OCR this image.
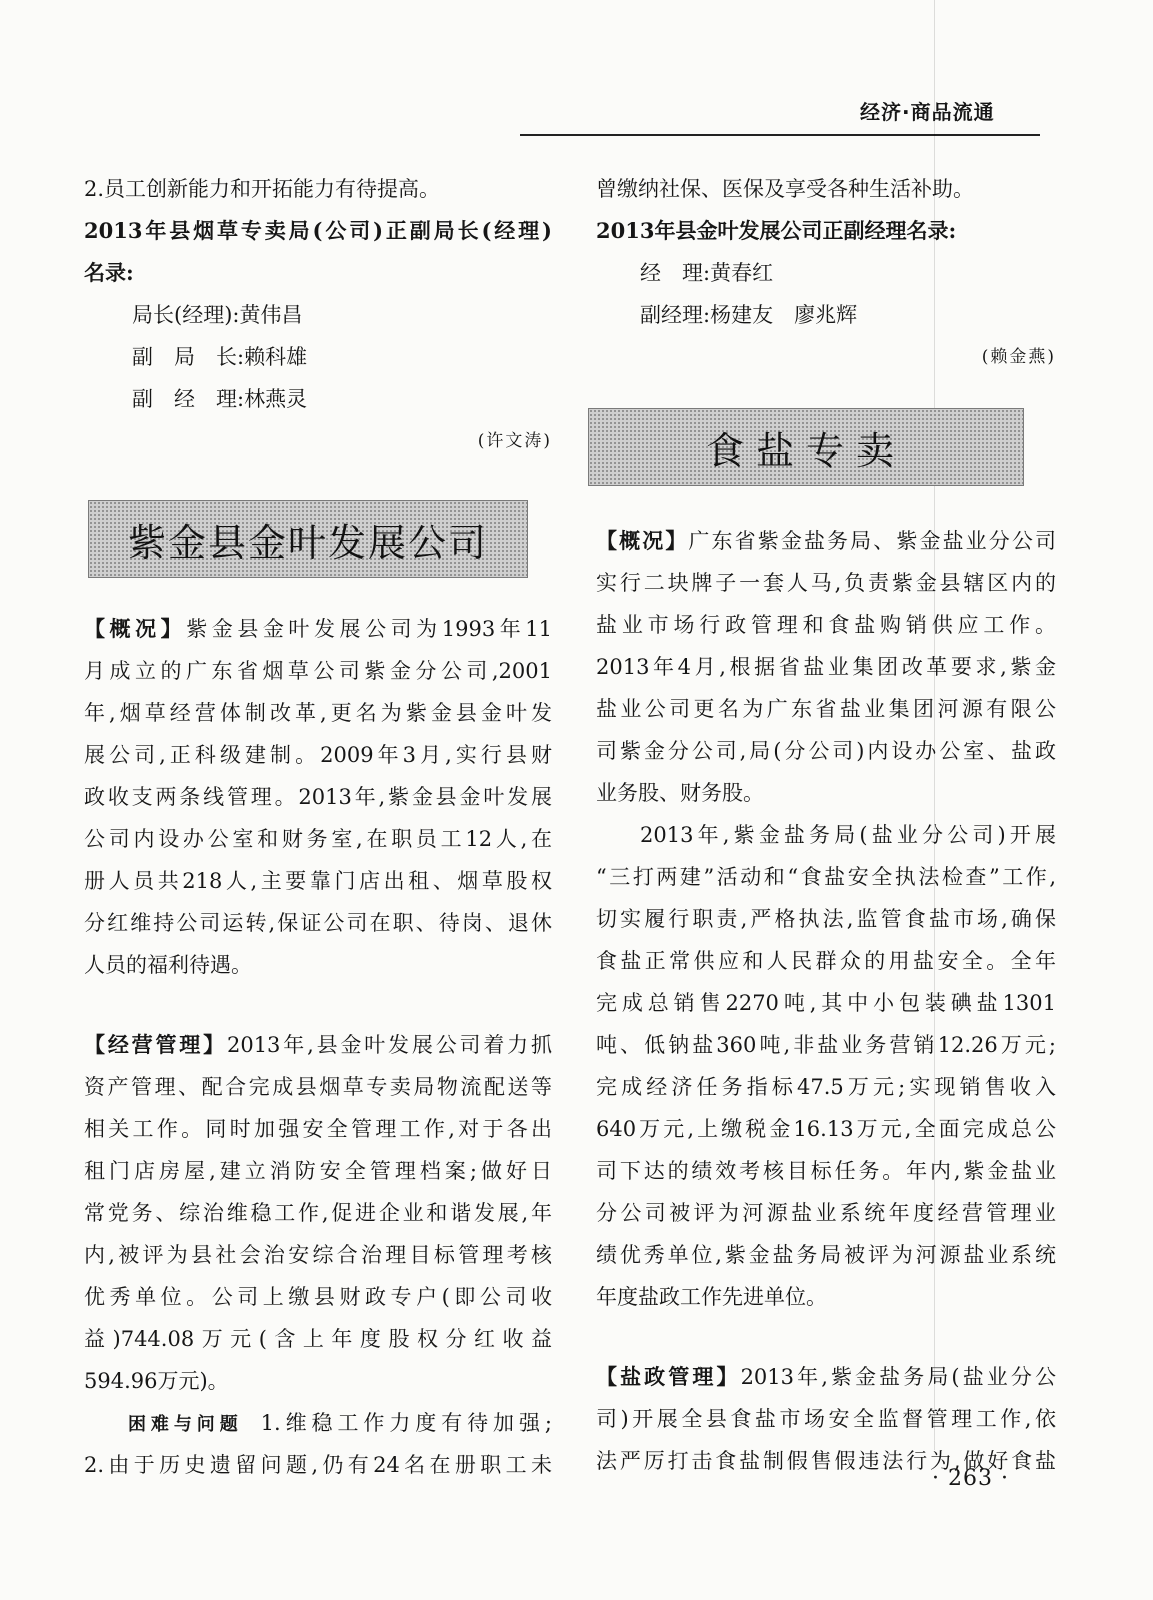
经济·商品流通
2.员工创新能力和开拓能力有待提高。
2013年县烟草专卖局(公司)正副局长(经理)
名录:
局长(经理):黄伟昌
副　局　长:赖科雄
副　经　理:林燕灵
(许文涛)
紫金县金叶发展公司
【概况】紫金县金叶发展公司为1993年11
月成立的广东省烟草公司紫金分公司,2001
年,烟草经营体制改革,更名为紫金县金叶发
展公司,正科级建制。2009年3月,实行县财
政收支两条线管理。2013年,紫金县金叶发展
公司内设办公室和财务室,在职员工12人,在
册人员共218人,主要靠门店出租、烟草股权
分红维持公司运转,保证公司在职、待岗、退休
人员的福利待遇。
【经营管理】2013年,县金叶发展公司着力抓
资产管理、配合完成县烟草专卖局物流配送等
相关工作。同时加强安全管理工作,对于各出
租门店房屋,建立消防安全管理档案;做好日
常党务、综治维稳工作,促进企业和谐发展,年
内,被评为县社会治安综合治理目标管理考核
优秀单位。公司上缴县财政专户(即公司收
益)744.08万元(含上年度股权分红收益
594.96万元)。
困难与问题 1.维稳工作力度有待加强;
2.由于历史遗留问题,仍有24名在册职工未
曾缴纳社保、医保及享受各种生活补助。
2013年县金叶发展公司正副经理名录:
经　理:黄春红
副经理:杨建友　廖兆辉
(赖金燕)
食盐专卖
【概况】广东省紫金盐务局、紫金盐业分公司
实行二块牌子一套人马,负责紫金县辖区内的
盐业市场行政管理和食盐购销供应工作。
2013年4月,根据省盐业集团改革要求,紫金
盐业公司更名为广东省盐业集团河源有限公
司紫金分公司,局(分公司)内设办公室、盐政
业务股、财务股。
2013年,紫金盐务局(盐业分公司)开展
“三打两建”活动和“食盐安全执法检查”工作,
切实履行职责,严格执法,监管食盐市场,确保
食盐正常供应和人民群众的用盐安全。全年
完成总销售2270吨,其中小包装碘盐1301
吨、低钠盐360吨,非盐业务营销12.26万元;
完成经济任务指标47.5万元;实现销售收入
640万元,上缴税金16.13万元,全面完成总公
司下达的绩效考核目标任务。年内,紫金盐业
分公司被评为河源盐业系统年度经营管理业
绩优秀单位,紫金盐务局被评为河源盐业系统
年度盐政工作先进单位。
【盐政管理】2013年,紫金盐务局(盐业分公
司)开展全县食盐市场安全监督管理工作,依
法严厉打击食盐制假售假违法行为,做好食盐
· 263 ·
